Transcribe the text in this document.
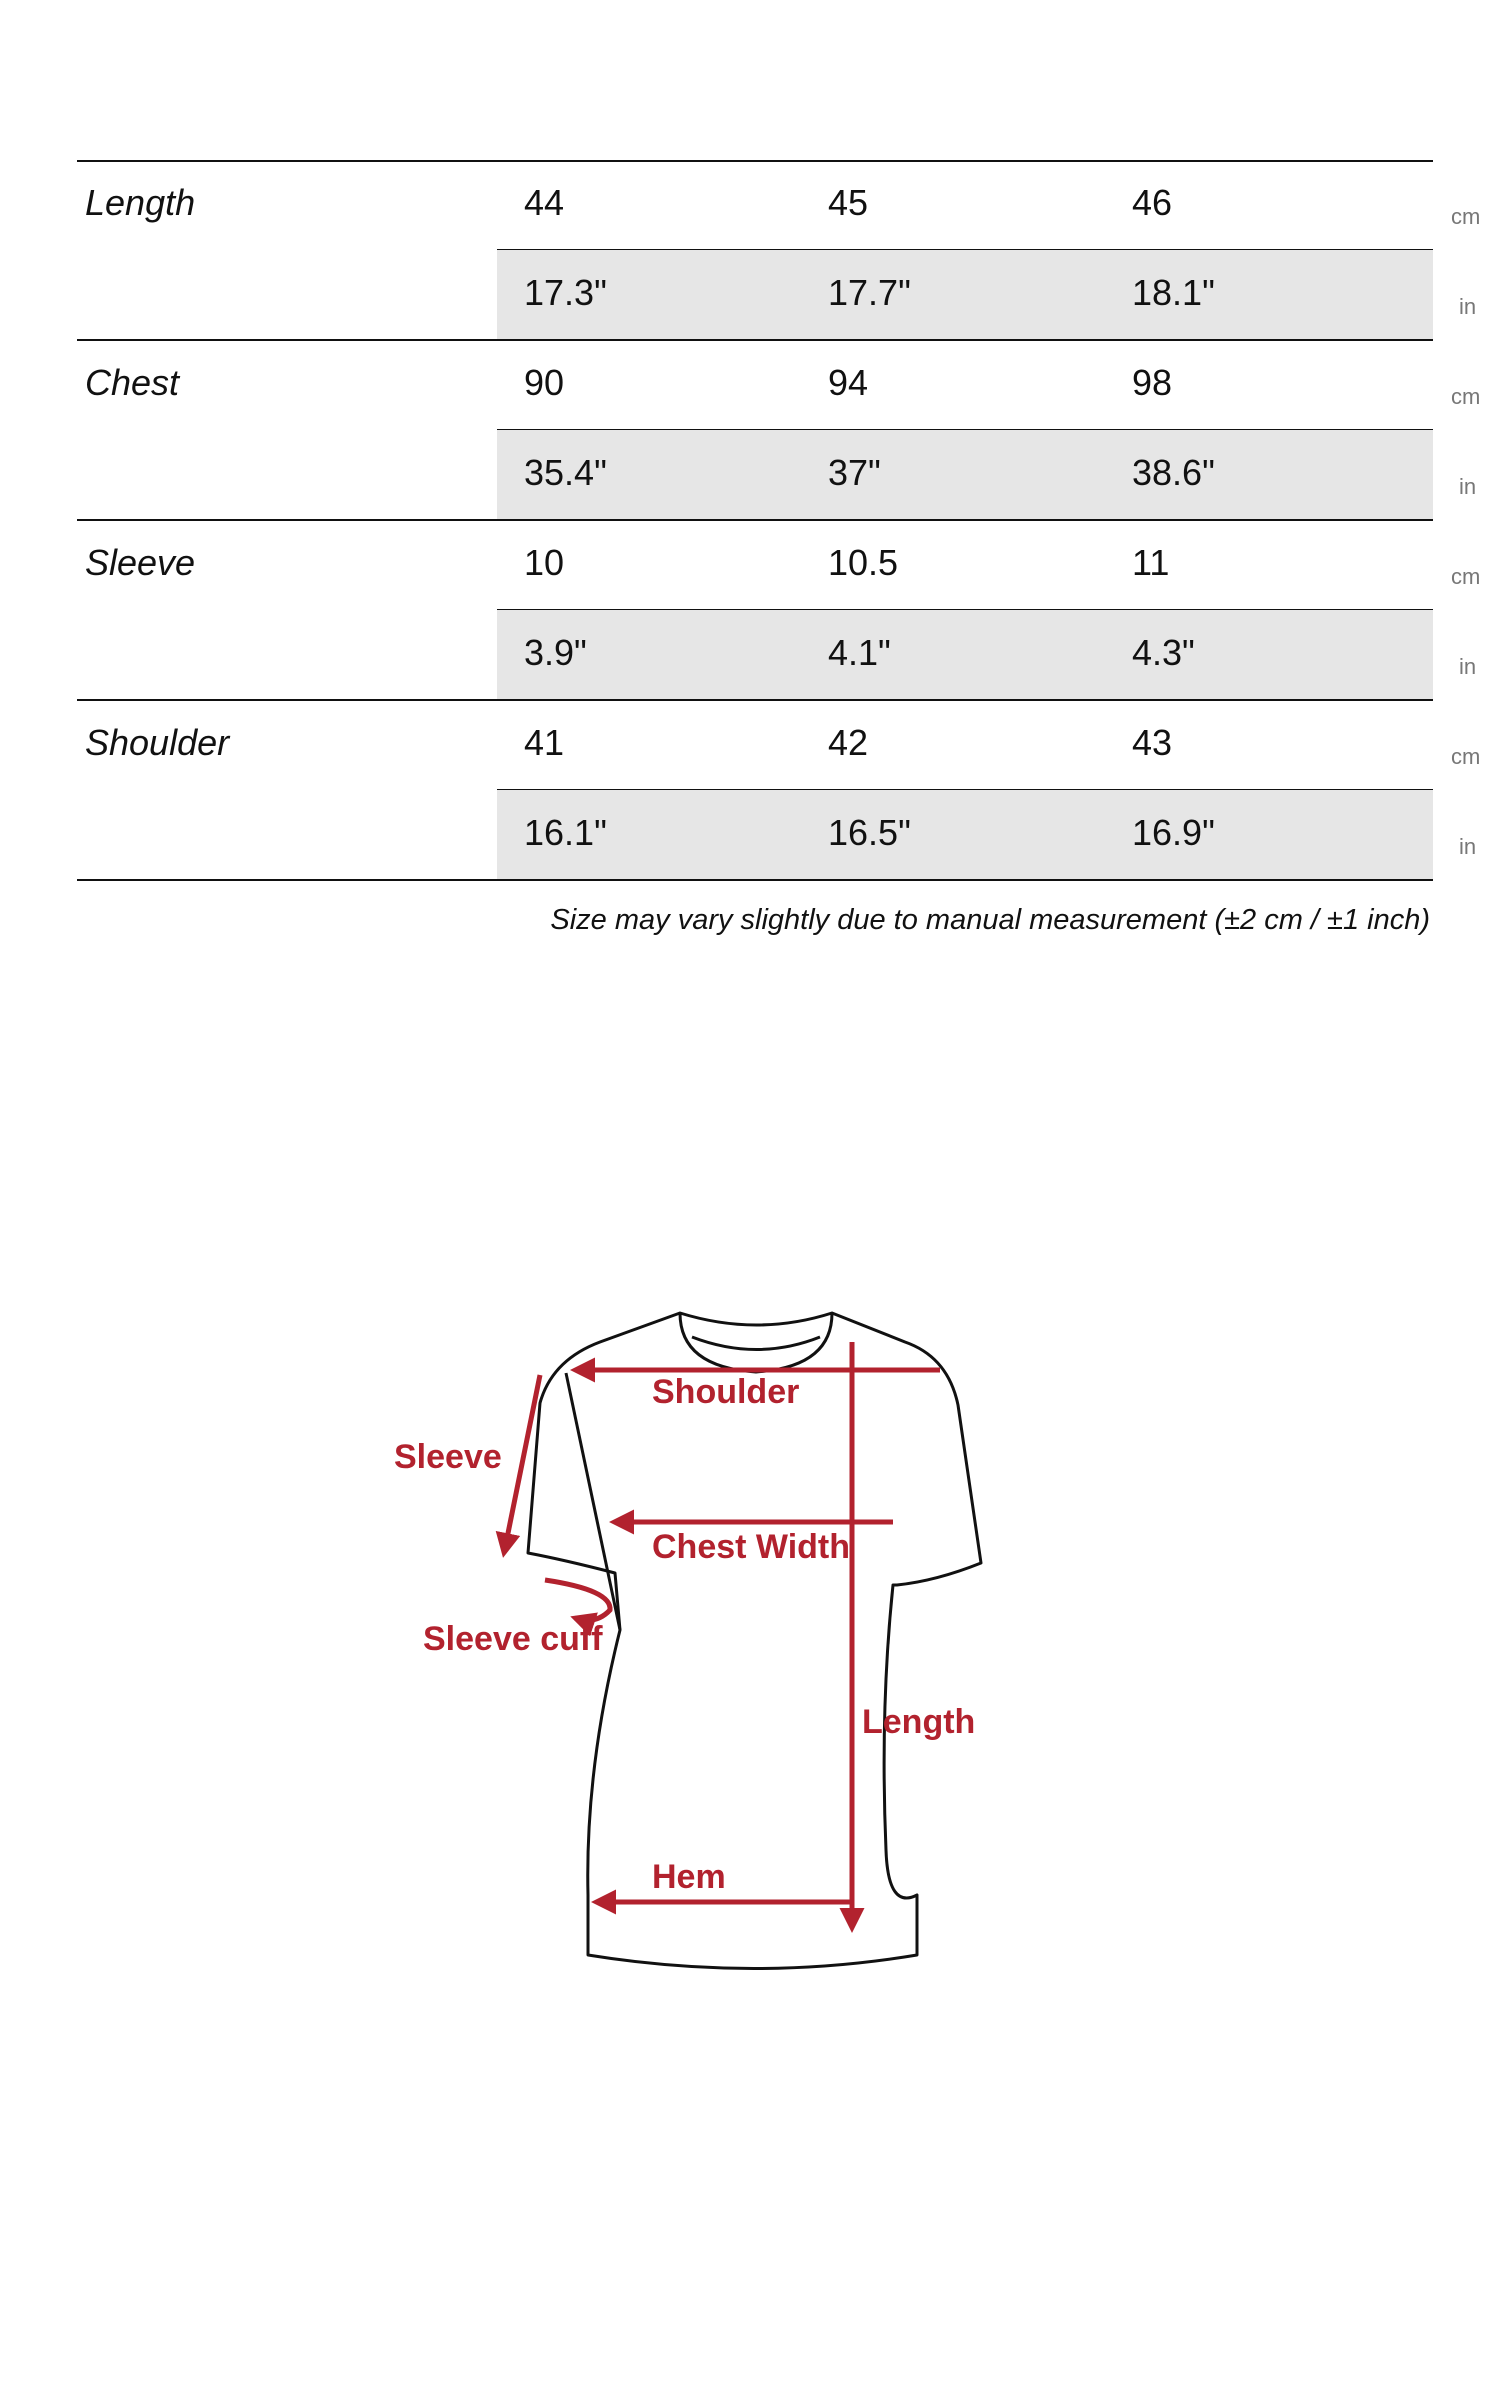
Length	44	45	46	cm
17.3"	17.7"	18.1"	in
Chest	90	94	98	cm
35.4"	37"	38.6"	in
Sleeve	10	10.5	11	cm
3.9"	4.1"	4.3"	in
Shoulder	41	42	43	cm
16.1"	16.5"	16.9"	in
Size may vary slightly due to manual measurement (±2 cm / ±1 inch)
Shoulder
Sleeve
Chest Width
Sleeve cuff
Length
Hem
